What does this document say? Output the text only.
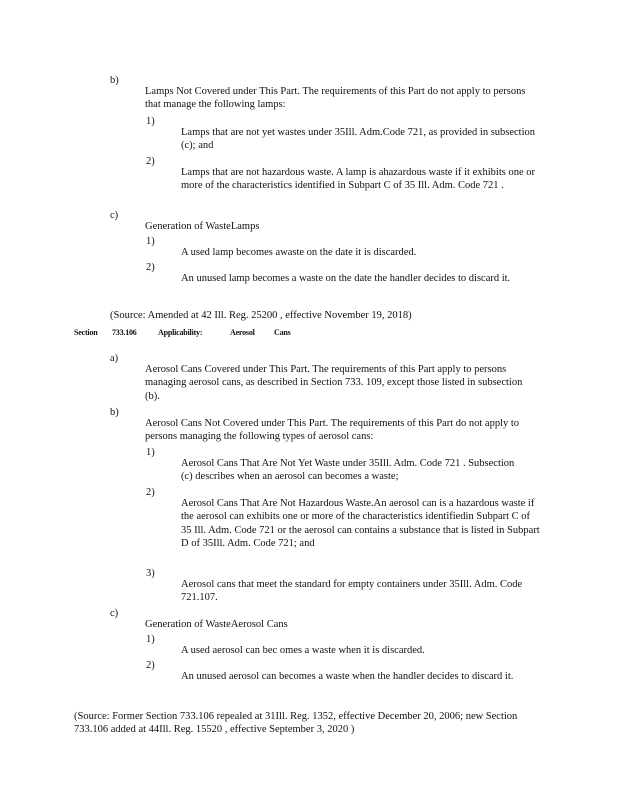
b)

Lamps Not Covered under This Part. The requirements of this Part do not apply to persons that manage the following lamps:

1)

Lamps that are not yet wastes under 35Ill. Adm.Code 721, as provided in subsection (c); and

2)

Lamps that are not hazardous waste. A lamp is ahazardous waste if it exhibits one or more of the characteristics identified in Subpart C of 35 Ill. Adm. Code 721 .

c)

Generation of WasteLamps

1)

A used lamp becomes awaste on the date it is discarded.

2)

An unused lamp becomes a waste on the date the handler decides to discard it.

(Source: Amended at 42 Ill. Reg. 25200 , effective November 19, 2018)

Section 733.106	Applicability:	Aerosol Cans
a)

Aerosol Cans Covered under This Part. The requirements of this Part apply to persons managing aerosol cans, as described in Section 733. 109, except those listed in subsection (b).

b)

Aerosol Cans Not Covered under This Part. The requirements of this Part do not apply to persons managing the following types of aerosol cans:

1)

Aerosol Cans That Are Not Yet Waste under 35Ill. Adm. Code 721 . Subsection (c) describes when an aerosol can becomes a waste;

2)

Aerosol Cans That Are Not Hazardous Waste.An aerosol can is a hazardous waste if the aerosol can exhibits one or more of the characteristics identifiedin Subpart C of 35 Ill. Adm. Code 721 or the aerosol can contains a substance that is listed in Subpart D of 35Ill. Adm. Code 721; and

3)

Aerosol cans that meet the standard for empty containers under 35Ill. Adm. Code 721.107.

c)

Generation of WasteAerosol Cans

1)

A used aerosol can bec omes a waste when it is discarded.

2)

An unused aerosol can becomes a waste when the handler decides to discard it.

(Source: Former Section 733.106 repealed at 31Ill. Reg. 1352, effective December 20, 2006; new Section 733.106 added at 44Ill. Reg. 15520 , effective September 3, 2020 )
